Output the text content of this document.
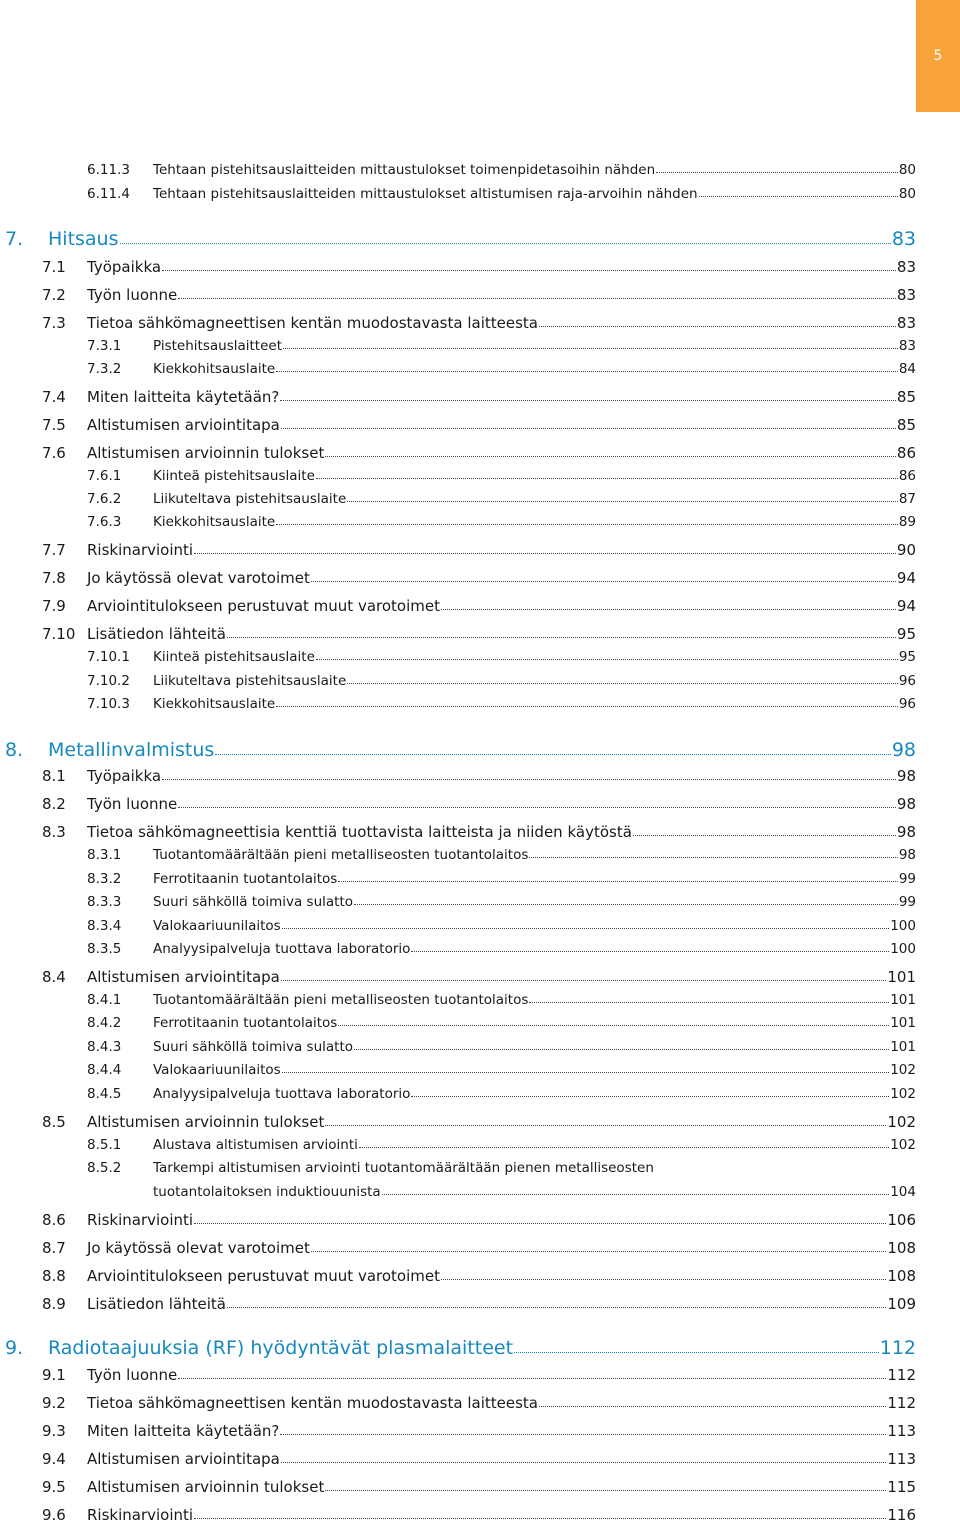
5
6.11.3	Tehtaan pistehitsauslaitteiden mittaustulokset toimenpidetasoihin nähden	80
6.11.4	Tehtaan pistehitsauslaitteiden mittaustulokset altistumisen raja-arvoihin nähden	80
7.	Hitsaus	83
7.1	Työpaikka	83
7.2	Työn luonne	83
7.3	Tietoa sähkömagneettisen kentän muodostavasta laitteesta	83
7.3.1	Pistehitsauslaitteet	83
7.3.2	Kiekkohitsauslaite	84
7.4	Miten laitteita käytetään?	85
7.5	Altistumisen arviointitapa	85
7.6	Altistumisen arvioinnin tulokset	86
7.6.1	Kiinteä pistehitsauslaite	86
7.6.2	Liikuteltava pistehitsauslaite	87
7.6.3	Kiekkohitsauslaite	89
7.7	Riskinarviointi	90
7.8	Jo käytössä olevat varotoimet	94
7.9	Arviointitulokseen perustuvat muut varotoimet	94
7.10 Lisätiedon lähteitä	95
7.10.1	Kiinteä pistehitsauslaite	95
7.10.2	Liikuteltava pistehitsauslaite	96
7.10.3	Kiekkohitsauslaite	96
8.	Metallinvalmistus	98
8.1	Työpaikka	98
8.2	Työn luonne	98
8.3	Tietoa sähkömagneettisia kenttiä tuottavista laitteista ja niiden käytöstä	98
8.3.1	Tuotantomäärältään pieni metalliseosten tuotantolaitos	98
8.3.2	Ferrotitaanin tuotantolaitos	99
8.3.3	Suuri sähköllä toimiva sulatto	99
8.3.4	Valokaariuunilaitos	100
8.3.5	Analyysipalveluja tuottava laboratorio	100
8.4	Altistumisen arviointitapa	101
8.4.1	Tuotantomäärältään pieni metalliseosten tuotantolaitos	101
8.4.2	Ferrotitaanin tuotantolaitos	101
8.4.3	Suuri sähköllä toimiva sulatto	101
8.4.4	Valokaariuunilaitos	102
8.4.5	Analyysipalveluja tuottava laboratorio	102
8.5	Altistumisen arvioinnin tulokset	102
8.5.1	Alustava altistumisen arviointi	102
8.5.2 Tarkempi altistumisen arviointi tuotantomäärältään pienen metalliseosten
tuotantolaitoksen induktiouunista	104
8.6	Riskinarviointi	106
8.7	Jo käytössä olevat varotoimet	108
8.8	Arviointitulokseen perustuvat muut varotoimet	108
8.9	Lisätiedon lähteitä	109
9.	Radiotaajuuksia (RF) hyödyntävät plasmalaitteet	112
9.1	Työn luonne	112
9.2	Tietoa sähkömagneettisen kentän muodostavasta laitteesta	112
9.3	Miten laitteita käytetään?	113
9.4	Altistumisen arviointitapa	113
9.5	Altistumisen arvioinnin tulokset	115
9.6	Riskinarviointi	116
